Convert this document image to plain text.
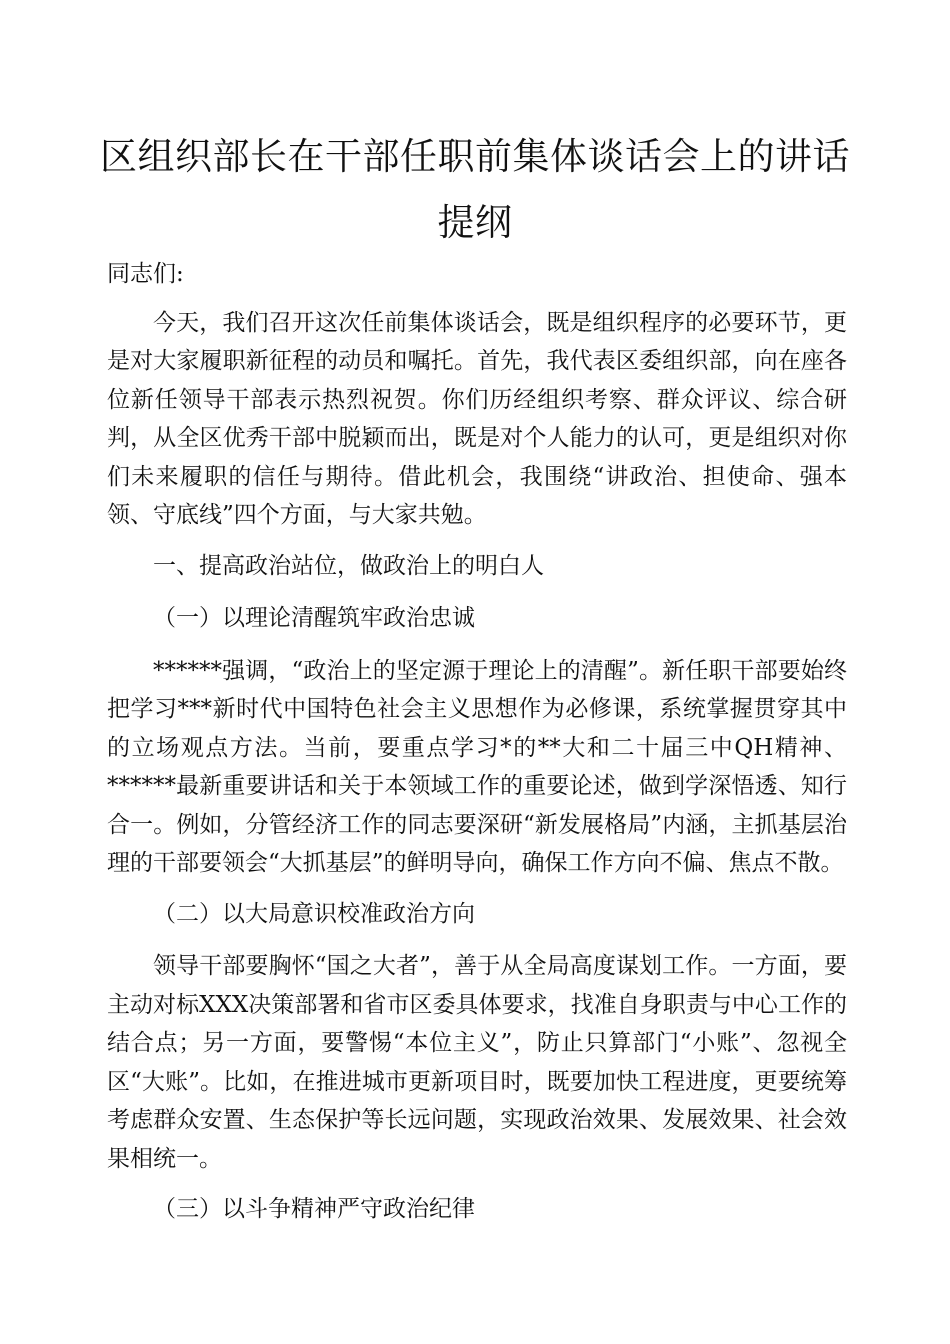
区组织部长在干部任职前集体谈话会上的讲话提纲

同志们:

今天，我们召开这次任前集体谈话会，既是组织程序的必要环节，更是对大家履职新征程的动员和嘱托。首先，我代表区委组织部，向在座各位新任领导干部表示热烈祝贺。你们历经组织考察、群众评议、综合研判，从全区优秀干部中脱颖而出，既是对个人能力的认可，更是组织对你们未来履职的信任与期待。借此机会，我围绕“讲政治、担使命、强本领、守底线”四个方面，与大家共勉。

一、提高政治站位，做政治上的明白人

（一）以理论清醒筑牢政治忠诚

******强调，“政治上的坚定源于理论上的清醒”。新任职干部要始终把学习***新时代中国特色社会主义思想作为必修课，系统掌握贯穿其中的立场观点方法。当前，要重点学习*的**大和二十届三中QH精神、******最新重要讲话和关于本领域工作的重要论述，做到学深悟透、知行合一。例如，分管经济工作的同志要深研“新发展格局”内涵，主抓基层治理的干部要领会“大抓基层”的鲜明导向，确保工作方向不偏、焦点不散。

（二）以大局意识校准政治方向

领导干部要胸怀“国之大者”，善于从全局高度谋划工作。一方面，要主动对标XXX决策部署和省市区委具体要求，找准自身职责与中心工作的结合点；另一方面，要警惕“本位主义”，防止只算部门“小账”、忽视全区“大账”。比如，在推进城市更新项目时，既要加快工程进度，更要统筹考虑群众安置、生态保护等长远问题，实现政治效果、发展效果、社会效果相统一。

（三）以斗争精神严守政治纪律
